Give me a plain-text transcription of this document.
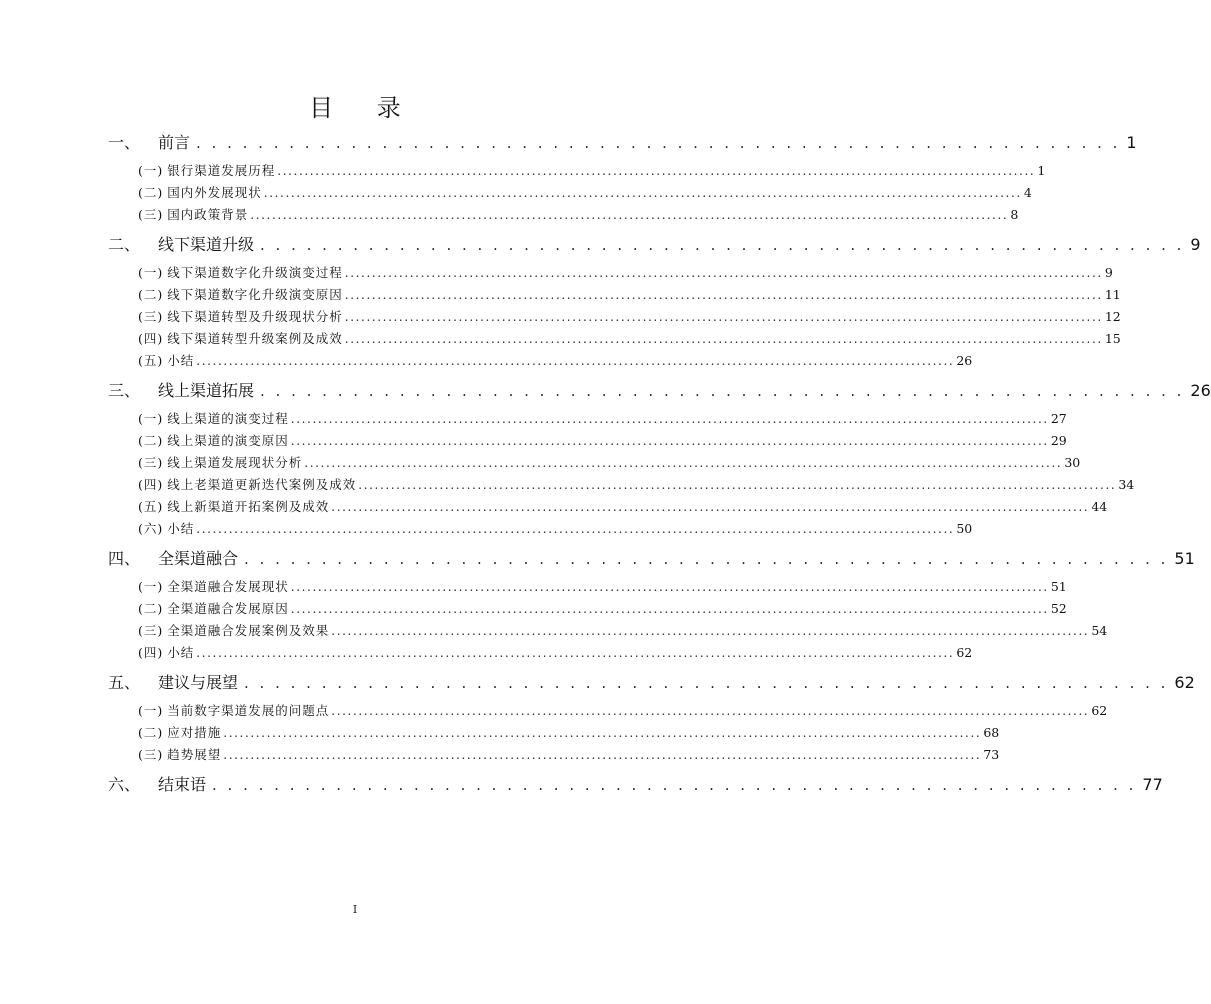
目 录
一、	前言 . . . . . . . . . . . . . . . . . . . . . . . . . . . . . . . . . . . . . . . . . . . . . . . . . . . . . . . . . . . . 1
(一) 银行渠道发展历程 ............................................................................................................................................ 1
(二) 国内外发展现状 ............................................................................................................................................ 4
(三) 国内政策背景 ............................................................................................................................................ 8
二、	线下渠道升级 . . . . . . . . . . . . . . . . . . . . . . . . . . . . . . . . . . . . . . . . . . . . . . . . . . . . . . . . . . . . 9
(一) 线下渠道数字化升级演变过程 ............................................................................................................................................ 9
(二) 线下渠道数字化升级演变原因 ............................................................................................................................................ 11
(三) 线下渠道转型及升级现状分析 ............................................................................................................................................ 12
(四) 线下渠道转型升级案例及成效 ............................................................................................................................................ 15
(五) 小结 ............................................................................................................................................ 26
三、	线上渠道拓展 . . . . . . . . . . . . . . . . . . . . . . . . . . . . . . . . . . . . . . . . . . . . . . . . . . . . . . . . . . . . 26
(一) 线上渠道的演变过程 ............................................................................................................................................ 27
(二) 线上渠道的演变原因 ............................................................................................................................................ 29
(三) 线上渠道发展现状分析 ............................................................................................................................................ 30
(四) 线上老渠道更新迭代案例及成效 ............................................................................................................................................ 34
(五) 线上新渠道开拓案例及成效 ............................................................................................................................................ 44
(六) 小结 ............................................................................................................................................ 50
四、	全渠道融合 . . . . . . . . . . . . . . . . . . . . . . . . . . . . . . . . . . . . . . . . . . . . . . . . . . . . . . . . . . . . 51
(一) 全渠道融合发展现状 ............................................................................................................................................ 51
(二) 全渠道融合发展原因 ............................................................................................................................................ 52
(三) 全渠道融合发展案例及效果 ............................................................................................................................................ 54
(四) 小结 ............................................................................................................................................ 62
五、	建议与展望 . . . . . . . . . . . . . . . . . . . . . . . . . . . . . . . . . . . . . . . . . . . . . . . . . . . . . . . . . . . . 62
(一) 当前数字渠道发展的问题点 ............................................................................................................................................ 62
(二) 应对措施 ............................................................................................................................................ 68
(三) 趋势展望 ............................................................................................................................................ 73
六、	结束语 . . . . . . . . . . . . . . . . . . . . . . . . . . . . . . . . . . . . . . . . . . . . . . . . . . . . . . . . . . . . 77
I
